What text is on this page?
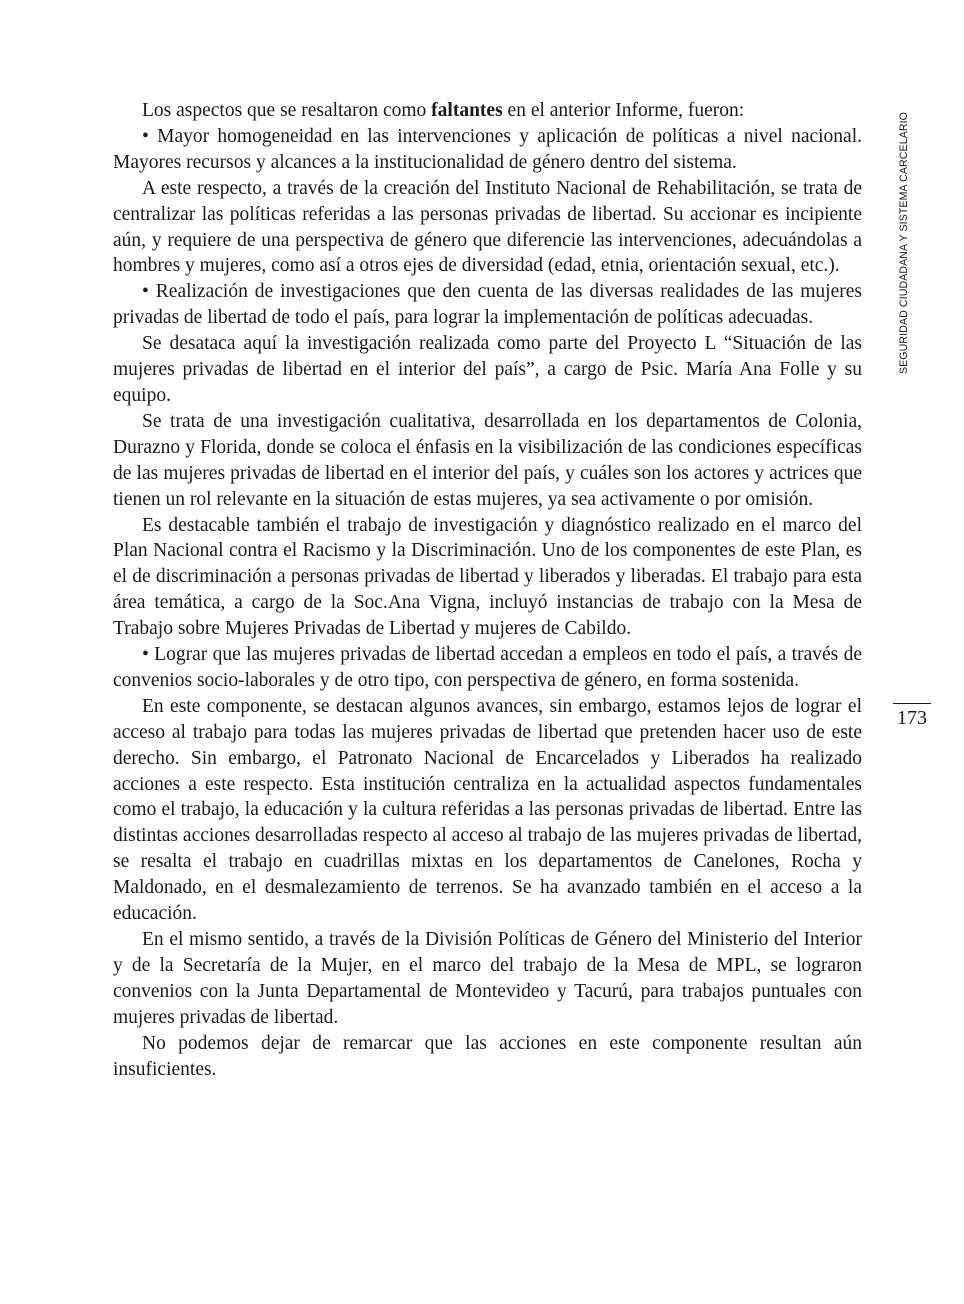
Los aspectos que se resaltaron como faltantes en el anterior Informe, fueron:

• Mayor homogeneidad en las intervenciones y aplicación de políticas a nivel nacional. Mayores recursos y alcances a la institucionalidad de género dentro del sistema.

A este respecto, a través de la creación del Instituto Nacional de Rehabilitación, se trata de centralizar las políticas referidas a las personas privadas de libertad. Su accionar es incipiente aún, y requiere de una perspectiva de género que diferencie las intervenciones, adecuándolas a hombres y mujeres, como así a otros ejes de diversidad (edad, etnia, orientación sexual, etc.).

• Realización de investigaciones que den cuenta de las diversas realidades de las mujeres privadas de libertad de todo el país, para lograr la implementación de políticas adecuadas.

Se desataca aquí la investigación realizada como parte del Proyecto L “Situación de las mujeres privadas de libertad en el interior del país”, a cargo de Psic. María Ana Folle y su equipo.

Se trata de una investigación cualitativa, desarrollada en los departamentos de Colonia, Durazno y Florida, donde se coloca el énfasis en la visibilización de las condiciones específicas de las mujeres privadas de libertad en el interior del país, y cuáles son los actores y actrices que tienen un rol relevante en la situación de estas mujeres, ya sea activamente o por omisión.

Es destacable también el trabajo de investigación y diagnóstico realizado en el marco del Plan Nacional contra el Racismo y la Discriminación. Uno de los componentes de este Plan, es el de discriminación a personas privadas de libertad y liberados y liberadas. El trabajo para esta área temática, a cargo de la Soc.Ana Vigna, incluyó instancias de trabajo con la Mesa de Trabajo sobre Mujeres Privadas de Libertad y mujeres de Cabildo.

• Lograr que las mujeres privadas de libertad accedan a empleos en todo el país, a través de convenios socio-laborales y de otro tipo, con perspectiva de género, en forma sostenida.

En este componente, se destacan algunos avances, sin embargo, estamos lejos de lograr el acceso al trabajo para todas las mujeres privadas de libertad que pretenden hacer uso de este derecho. Sin embargo, el Patronato Nacional de Encarcelados y Liberados ha realizado acciones a este respecto. Esta institución centraliza en la actualidad aspectos fundamentales como el trabajo, la educación y la cultura referidas a las personas privadas de libertad. Entre las distintas acciones desarrolladas respecto al acceso al trabajo de las mujeres privadas de libertad, se resalta el trabajo en cuadrillas mixtas en los departamentos de Canelones, Rocha y Maldonado, en el desmalezamiento de terrenos. Se ha avanzado también en el acceso a la educación.

En el mismo sentido, a través de la División Políticas de Género del Ministerio del Interior y de la Secretaría de la Mujer, en el marco del trabajo de la Mesa de MPL, se lograron convenios con la Junta Departamental de Montevideo y Tacurú, para trabajos puntuales con mujeres privadas de libertad.

No podemos dejar de remarcar que las acciones en este componente resultan aún insuficientes.

SEGURIDAD CIUDADANA Y SISTEMA CARCELARIO
173
